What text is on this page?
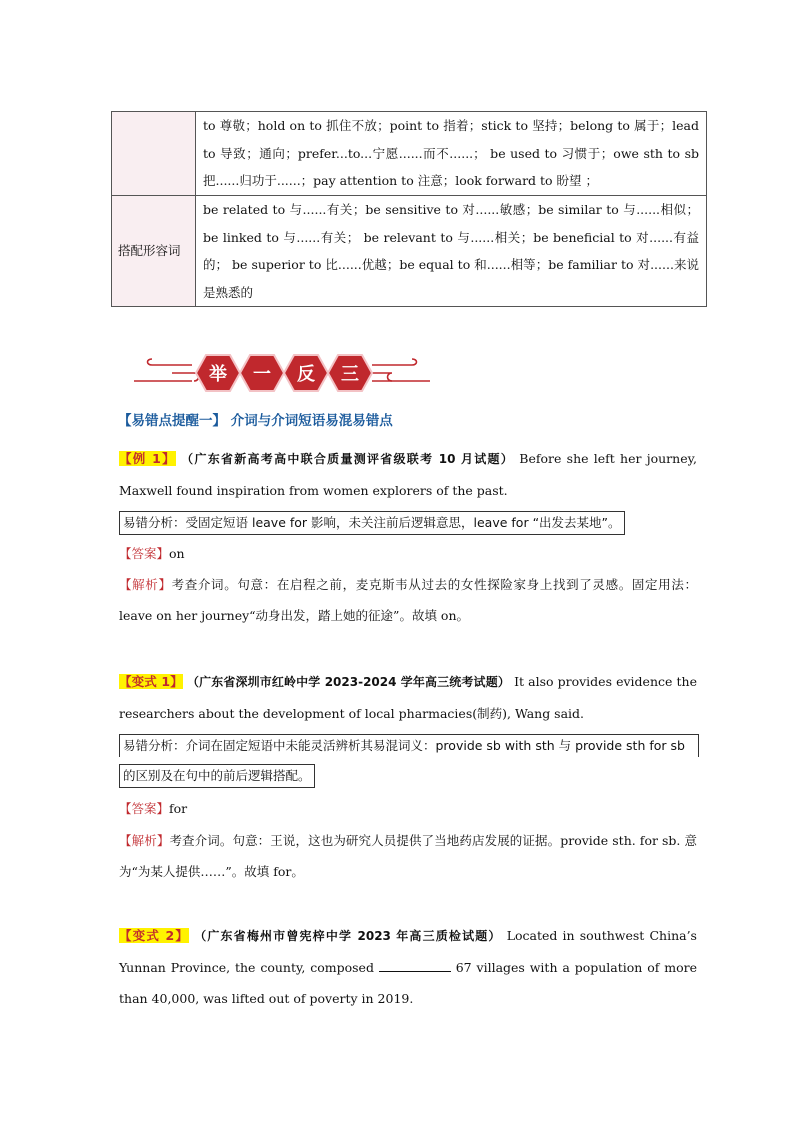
	to 尊敬；hold on to 抓住不放；point to 指着；stick to 坚持；belong to 属于；lead to 导致；通向；prefer...to...宁愿......而不......； be used to 习惯于；owe sth to sb 把......归功于......；pay attention to 注意；look forward to 盼望 ；
搭配形容词	be related to 与......有关；be sensitive to 对......敏感；be similar to 与......相似；be linked to 与......有关； be relevant to 与......相关；be beneficial to 对......有益的； be superior to 比......优越；be equal to 和......相等；be familiar to 对......来说是熟悉的
举	一	反	三
【易错点提醒一】 介词与介词短语易混易错点
【例 1】 （广东省新高考高中联合质量测评省级联考 10 月试题） Before she left her journey, Maxwell found inspiration from women explorers of the past.
易错分析：受固定短语 leave for 影响，未关注前后逻辑意思，leave for “出发去某地”。
【答案】on
【解析】考查介词。句意：在启程之前，麦克斯韦从过去的女性探险家身上找到了灵感。固定用法：leave on her journey“动身出发，踏上她的征途”。故填 on。
【变式 1】 （广东省深圳市红岭中学 2023-2024 学年高三统考试题） It also provides evidence the researchers about the development of local pharmacies(制药), Wang said.
易错分析：介词在固定短语中未能灵活辨析其易混词义：provide sb with sth 与 provide sth for sb
的区别及在句中的前后逻辑搭配。
【答案】for
【解析】考查介词。句意：王说，这也为研究人员提供了当地药店发展的证据。provide sth. for sb. 意为“为某人提供……”。故填 for。
【变式 2】 （广东省梅州市曾宪梓中学 2023 年高三质检试题） Located in southwest China’s Yunnan Province, the county, composed	67 villages with a population of more than 40,000, was lifted out of poverty in 2019.
